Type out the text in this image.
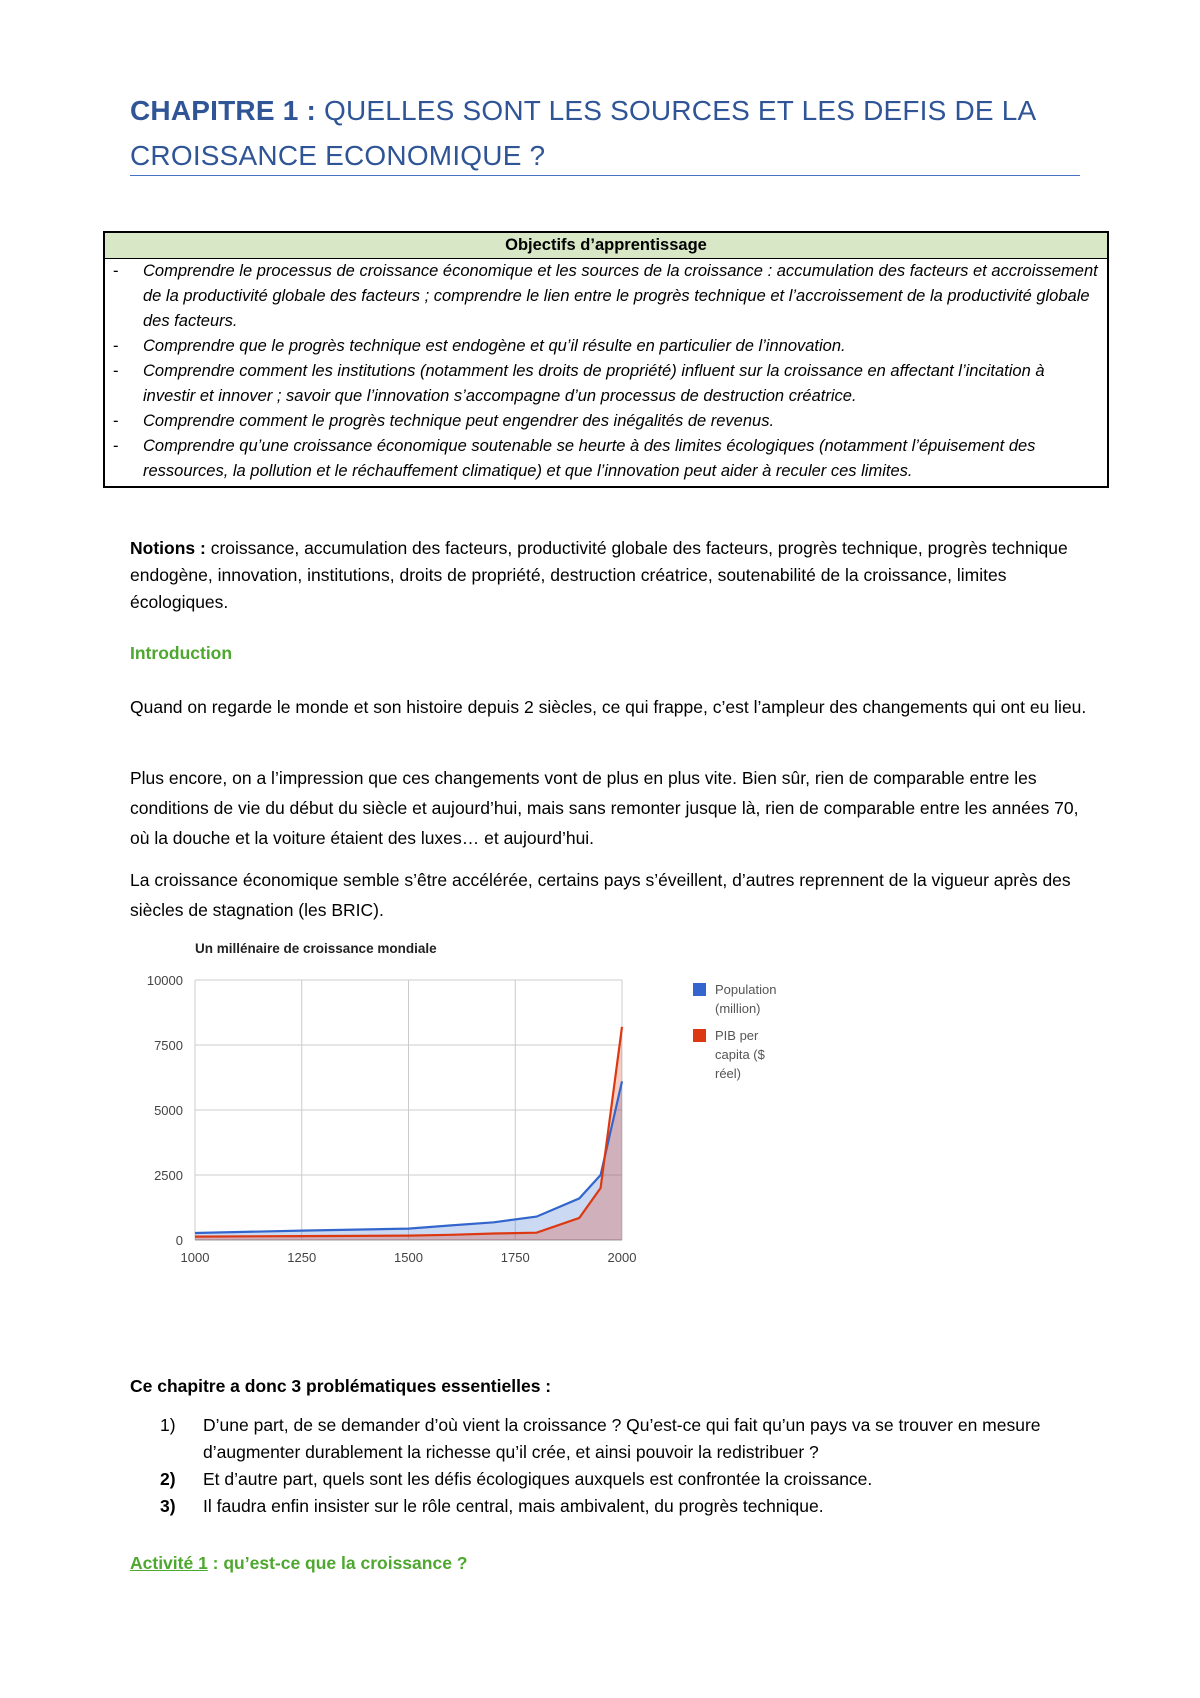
CHAPITRE 1 : QUELLES SONT LES SOURCES ET LES DEFIS DE LA
CROISSANCE ECONOMIQUE ?
Objectifs d’apprentissage
- Comprendre le processus de croissance économique et les sources de la croissance : accumulation des facteurs et accroissement de la productivité globale des facteurs ; comprendre le lien entre le progrès technique et l’accroissement de la productivité globale des facteurs.
- Comprendre que le progrès technique est endogène et qu’il résulte en particulier de l’innovation.
- Comprendre comment les institutions (notamment les droits de propriété) influent sur la croissance en affectant l’incitation à investir et innover ; savoir que l’innovation s’accompagne d’un processus de destruction créatrice.
- Comprendre comment le progrès technique peut engendrer des inégalités de revenus.
- Comprendre qu’une croissance économique soutenable se heurte à des limites écologiques (notamment l’épuisement des ressources, la pollution et le réchauffement climatique) et que l’innovation peut aider à reculer ces limites.
Notions : croissance, accumulation des facteurs, productivité globale des facteurs, progrès technique, progrès technique endogène, innovation, institutions, droits de propriété, destruction créatrice, soutenabilité de la croissance, limites écologiques.
Introduction
Quand on regarde le monde et son histoire depuis 2 siècles, ce qui frappe, c’est l’ampleur des changements qui ont eu lieu.
Plus encore, on a l’impression que ces changements vont de plus en plus vite. Bien sûr, rien de comparable entre les conditions de vie du début du siècle et aujourd’hui, mais sans remonter jusque là, rien de comparable entre les années 70, où la douche et la voiture étaient des luxes… et aujourd’hui.
La croissance économique semble s’être accélérée, certains pays s’éveillent, d’autres reprennent de la vigueur après des siècles de stagnation (les BRIC).
Un millénaire de croissance mondiale
0
2500
5000
7500
10000
1000	1250	1500	1750	2000
Population
(million)
PIB per
capita ($
réel)
Ce chapitre a donc 3 problématiques essentielles :
1) D’une part, de se demander d’où vient la croissance ? Qu’est-ce qui fait qu’un pays va se trouver en mesure d’augmenter durablement la richesse qu’il crée, et ainsi pouvoir la redistribuer ?
2) Et d’autre part, quels sont les défis écologiques auxquels est confrontée la croissance.
3) Il faudra enfin insister sur le rôle central, mais ambivalent, du progrès technique.
Activité 1 : qu’est-ce que la croissance ?
